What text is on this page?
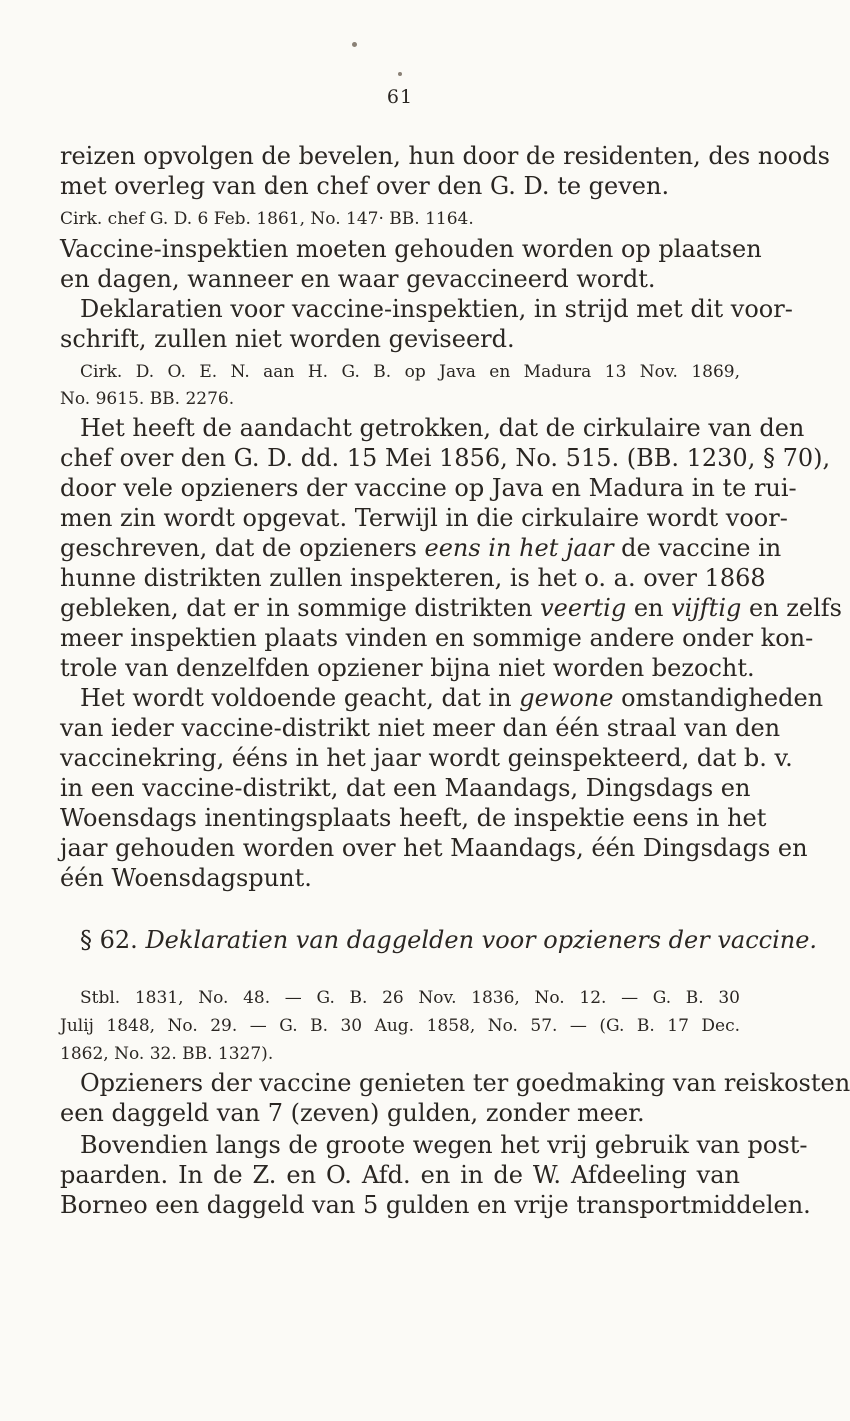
61
reizen opvolgen de bevelen, hun door de residenten, des noods
met overleg van den chef over den G. D. te geven.
Cirk. chef G. D. 6 Feb. 1861, No. 147· BB. 1164.
Vaccine-inspektien moeten gehouden worden op plaatsen
en dagen, wanneer en waar gevaccineerd wordt.
Deklaratien voor vaccine-inspektien, in strijd met dit voor-
schrift, zullen niet worden geviseerd.
Cirk. D. O. E. N. aan H. G. B. op Java en Madura 13 Nov. 1869,
No. 9615. BB. 2276.
Het heeft de aandacht getrokken, dat de cirkulaire van den
chef over den G. D. dd. 15 Mei 1856, No. 515. (BB. 1230, § 70),
door vele opzieners der vaccine op Java en Madura in te rui-
men zin wordt opgevat. Terwijl in die cirkulaire wordt voor-
geschreven, dat de opzieners eens in het jaar de vaccine in
hunne distrikten zullen inspekteren, is het o. a. over 1868
gebleken, dat er in sommige distrikten veertig en vijftig en zelfs
meer inspektien plaats vinden en sommige andere onder kon-
trole van denzelfden opziener bijna niet worden bezocht.
Het wordt voldoende geacht, dat in gewone omstandigheden
van ieder vaccine-distrikt niet meer dan één straal van den
vaccinekring, ééns in het jaar wordt geinspekteerd, dat b. v.
in een vaccine-distrikt, dat een Maandags, Dingsdags en
Woensdags inentingsplaats heeft, de inspektie eens in het
jaar gehouden worden over het Maandags, één Dingsdags en
één Woensdagspunt.
§ 62. Deklaratien van daggelden voor opzieners der vaccine.
Stbl. 1831, No. 48. — G. B. 26 Nov. 1836, No. 12. — G. B. 30
Julij 1848, No. 29. — G. B. 30 Aug. 1858, No. 57. — (G. B. 17 Dec.
1862, No. 32. BB. 1327).
Opzieners der vaccine genieten ter goedmaking van reiskosten
een daggeld van 7 (zeven) gulden, zonder meer.
Bovendien langs de groote wegen het vrij gebruik van post-
paarden. In de Z. en O. Afd. en in de W. Afdeeling van
Borneo een daggeld van 5 gulden en vrije transportmiddelen.
